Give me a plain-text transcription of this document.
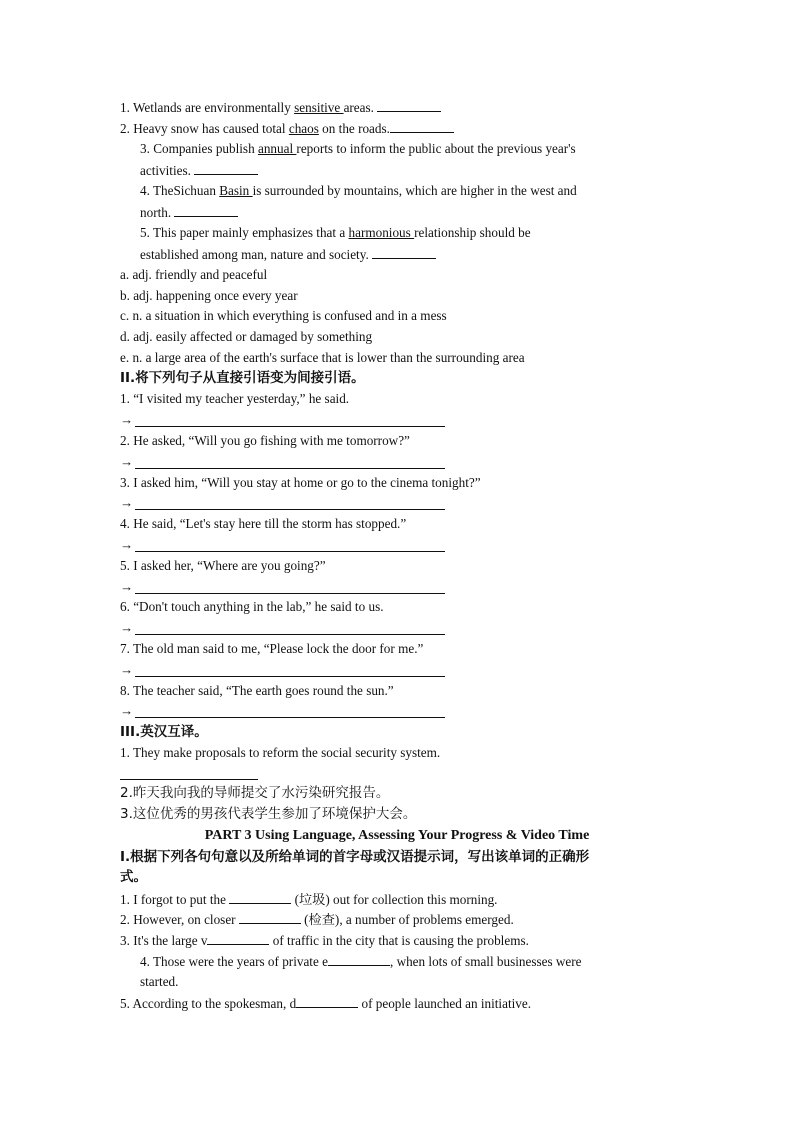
1. Wetlands are environmentally sensitive areas.
2. Heavy snow has caused total chaos on the roads.
3. Companies publish annual reports to inform the public about the previous year's
activities.
4. TheSichuan Basin is surrounded by mountains, which are higher in the west and
north.
5. This paper mainly emphasizes that a harmonious relationship should be
established among man, nature and society.
a. adj. friendly and peaceful
b. adj. happening once every year
c. n. a situation in which everything is confused and in a mess
d. adj. easily affected or damaged by something
e. n. a large area of the earth's surface that is lower than the surrounding area
II.将下列句子从直接引语变为间接引语。
1. “I visited my teacher yesterday,” he said.
→
2. He asked, “Will you go fishing with me tomorrow?”
→
3. I asked him, “Will you stay at home or go to the cinema tonight?”
→
4. He said, “Let's stay here till the storm has stopped.”
→
5. I asked her, “Where are you going?”
→
6. “Don't touch anything in the lab,” he said to us.
→
7. The old man said to me, “Please lock the door for me.”
→
8. The teacher said, “The earth goes round the sun.”
→
III.英汉互译。
1. They make proposals to reform the social security system.
2.昨天我向我的导师提交了水污染研究报告。
3.这位优秀的男孩代表学生参加了环境保护大会。
PART 3 Using Language, Assessing Your Progress & Video Time
I.根据下列各句句意以及所给单词的首字母或汉语提示词，写出该单词的正确形
式。
1. I forgot to put the	(垃圾) out for collection this morning.
2. However, on closer	(检查), a number of problems emerged.
3. It's the large v	of traffic in the city that is causing the problems.
4. Those were the years of private e	, when lots of small businesses were
started.
5. According to the spokesman, d	of people launched an initiative.
